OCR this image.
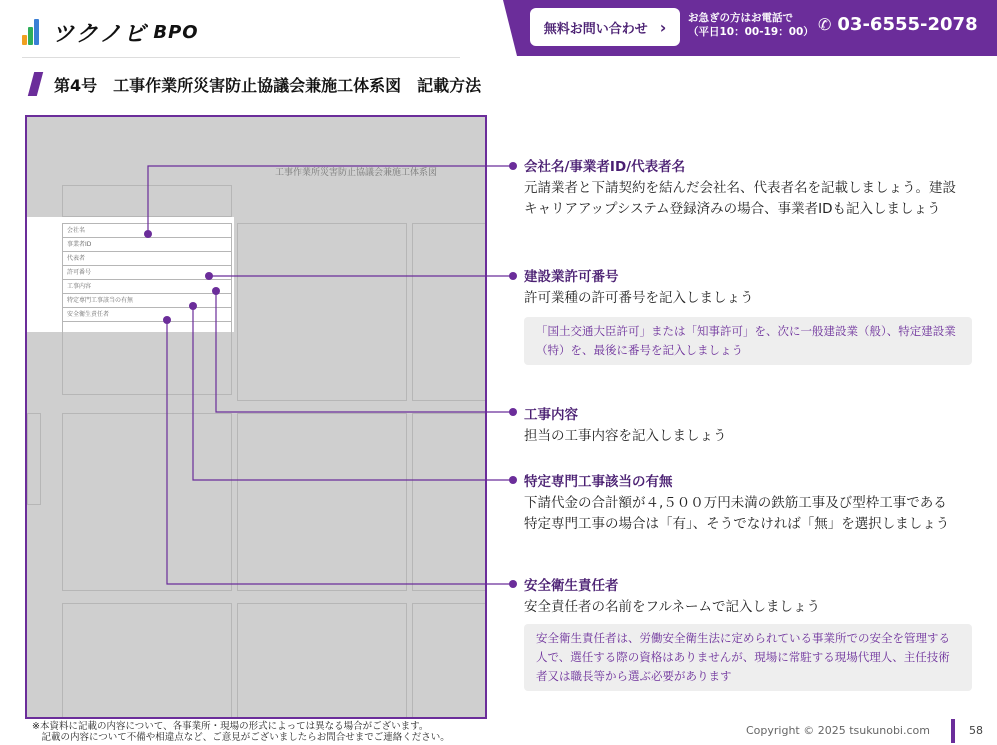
ツクノビ BPO	無料お問い合わせ › お急ぎの方はお電話で
（平日10：00-19：00） ✆ 03-6555-2078
第4号　工事作業所災害防止協議会兼施工体系図　記載方法
工事作業所災害防止協議会兼施工体系図
会社名
事業者ID
代表者
許可番号
工事内容
特定専門工事該当の有無
安全衛生責任者
会社名/事業者ID/代表者名
元請業者と下請契約を結んだ会社名、代表者名を記載しましょう。建設キャリアアップシステム登録済みの場合、事業者IDも記入しましょう
建設業許可番号
許可業種の許可番号を記入しましょう
「国土交通大臣許可」または「知事許可」を、次に一般建設業（般）、特定建設業（特）を、最後に番号を記入しましょう
工事内容
担当の工事内容を記入しましょう
特定専門工事該当の有無
下請代金の合計額が４,５００万円未満の鉄筋工事及び型枠工事である特定専門工事の場合は「有」、そうでなければ「無」を選択しましょう
安全衛生責任者
安全責任者の名前をフルネームで記入しましょう
安全衛生責任者は、労働安全衛生法に定められている事業所での安全を管理する人で、選任する際の資格はありませんが、現場に常駐する現場代理人、主任技術者又は職長等から選ぶ必要があります
※本資料に記載の内容について、各事業所・現場の形式によっては異なる場合がございます。
　記載の内容について不備や相違点など、ご意見がございましたらお問合せまでご連絡ください。
Copyright © 2025 tsukunobi.com	58
